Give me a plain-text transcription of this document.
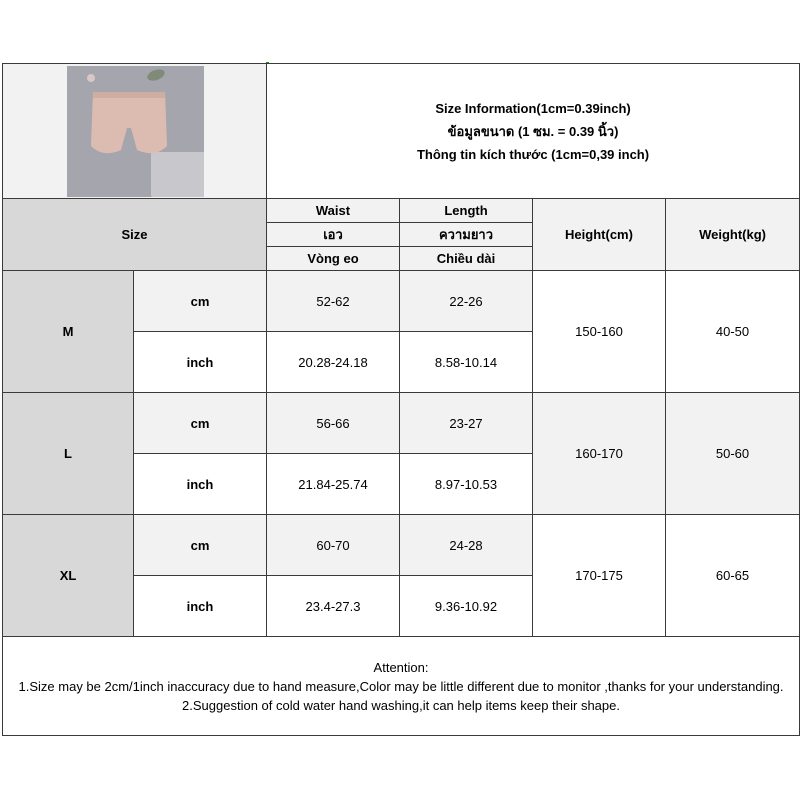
Size Information(1cm=0.39inch)
ข้อมูลขนาด (1 ซม. = 0.39 นิ้ว)
Thông tin kích thước (1cm=0,39 inch)			

Size		Waist	Length	Height(cm)	Weight(kg)
		เอว	ความยาว		
		Vòng eo	Chiều dài		
M	cm	52-62	22-26	150-160	40-50
	inch	20.28-24.18	8.58-10.14		
L	cm	56-66	23-27	160-170	50-60
	inch	21.84-25.74	8.97-10.53		
XL	cm	60-70	24-28	170-175	60-65
	inch	23.4-27.3	9.36-10.92		

Attention:
1.Size may be 2cm/1inch inaccuracy due to hand measure,Color may be little different due to monitor ,thanks for your understanding.
2.Suggestion of cold water hand washing,it can help items keep their shape.					
